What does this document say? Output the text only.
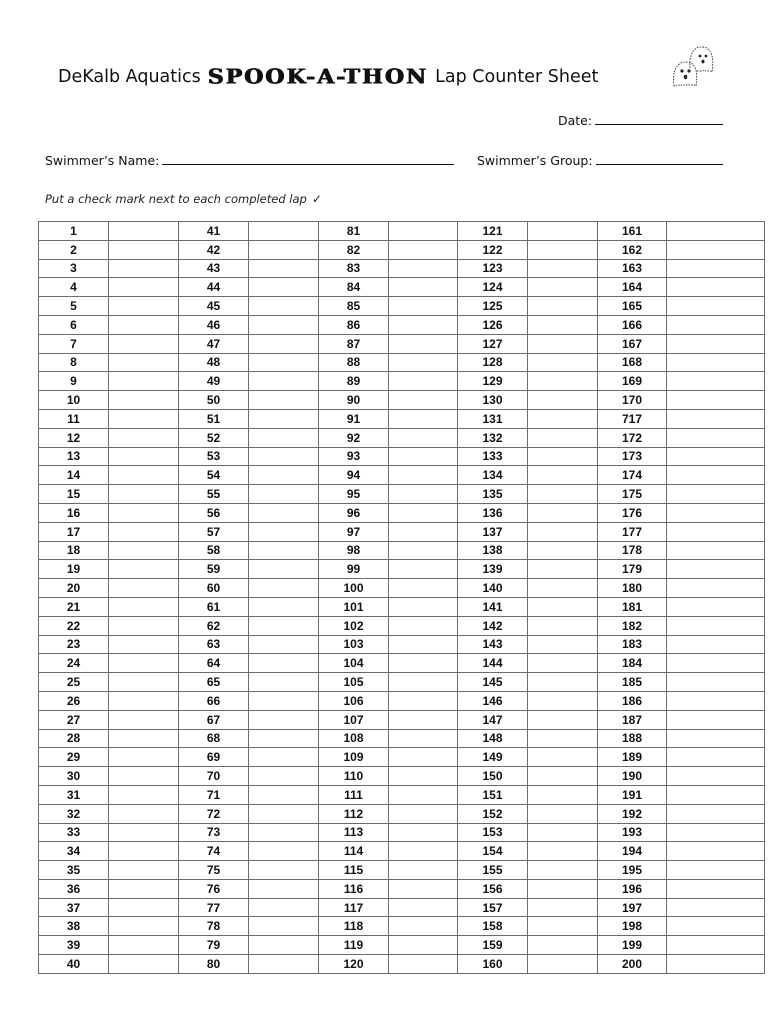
DeKalb Aquatics SPOOK-A-THON Lap Counter Sheet
Date:
Swimmer’s Name:	Swimmer’s Group:
Put a check mark next to each completed lap ✓
1		41		81		121		161	
2		42		82		122		162	
3		43		83		123		163	
4		44		84		124		164	
5		45		85		125		165	
6		46		86		126		166	
7		47		87		127		167	
8		48		88		128		168	
9		49		89		129		169	
10		50		90		130		170	
11		51		91		131		717	
12		52		92		132		172	
13		53		93		133		173	
14		54		94		134		174	
15		55		95		135		175	
16		56		96		136		176	
17		57		97		137		177	
18		58		98		138		178	
19		59		99		139		179	
20		60		100		140		180	
21		61		101		141		181	
22		62		102		142		182	
23		63		103		143		183	
24		64		104		144		184	
25		65		105		145		185	
26		66		106		146		186	
27		67		107		147		187	
28		68		108		148		188	
29		69		109		149		189	
30		70		110		150		190	
31		71		111		151		191	
32		72		112		152		192	
33		73		113		153		193	
34		74		114		154		194	
35		75		115		155		195	
36		76		116		156		196	
37		77		117		157		197	
38		78		118		158		198	
39		79		119		159		199	
40		80		120		160		200	
